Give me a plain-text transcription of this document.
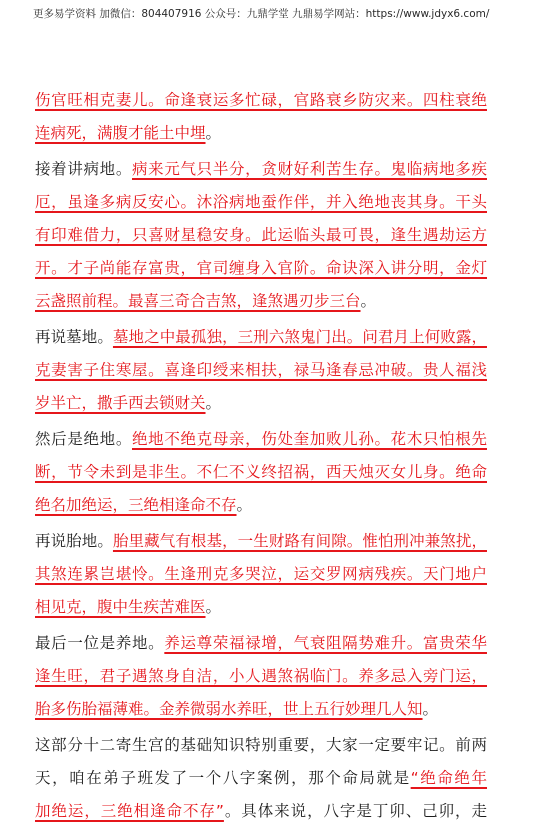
更多易学资料 加微信：804407916 公众号：九鼎学堂 九鼎易学网站：https://www.jdyx6.com/
伤官旺相克妻儿。命逢衰运多忙碌，官路衰乡防灾来。四柱衰绝
连病死，满腹才能土中埋。
接着讲病地。病来元气只半分，贪财好利苦生存。鬼临病地多疾
厄，虽逢多病反安心。沐浴病地蚕作伴，并入绝地丧其身。干头
有印难借力，只喜财星稳安身。此运临头最可畏，逢生遇劫运方
开。才子尚能存富贵，官司缠身入官阶。命诀深入讲分明，金灯
云盏照前程。最喜三奇合吉煞，逢煞遇刃步三台。
再说墓地。墓地之中最孤独，三刑六煞鬼门出。问君月上何败露，
克妻害子住寒屋。喜逢印绶来相扶，禄马逢春忌冲破。贵人福浅
岁半亡，撒手西去锁财关。
然后是绝地。绝地不绝克母亲，伤处奎加败儿孙。花木只怕根先
断，节令未到是非生。不仁不义终招祸，西天烛灭女儿身。绝命
绝名加绝运，三绝相逢命不存。
再说胎地。胎里藏气有根基，一生财路有间隙。惟怕刑冲兼煞扰，
其煞连累岂堪怜。生逢刑克多哭泣，运交罗网病残疾。天门地户
相见克，腹中生疾苦难医。
最后一位是养地。养运尊荣福禄增，气衰阻隔势难升。富贵荣华
逢生旺，君子遇煞身自洁，小人遇煞祸临门。养多忌入旁门运，
胎多伤胎福薄难。金养微弱水养旺，世上五行妙理几人知。
这部分十二寄生宫的基础知识特别重要，大家一定要牢记。前两
天，咱在弟子班发了一个八字案例，那个命局就是“绝命绝年
加绝运，三绝相逢命不存”。具体来说，八字是丁卯、己卯，走
